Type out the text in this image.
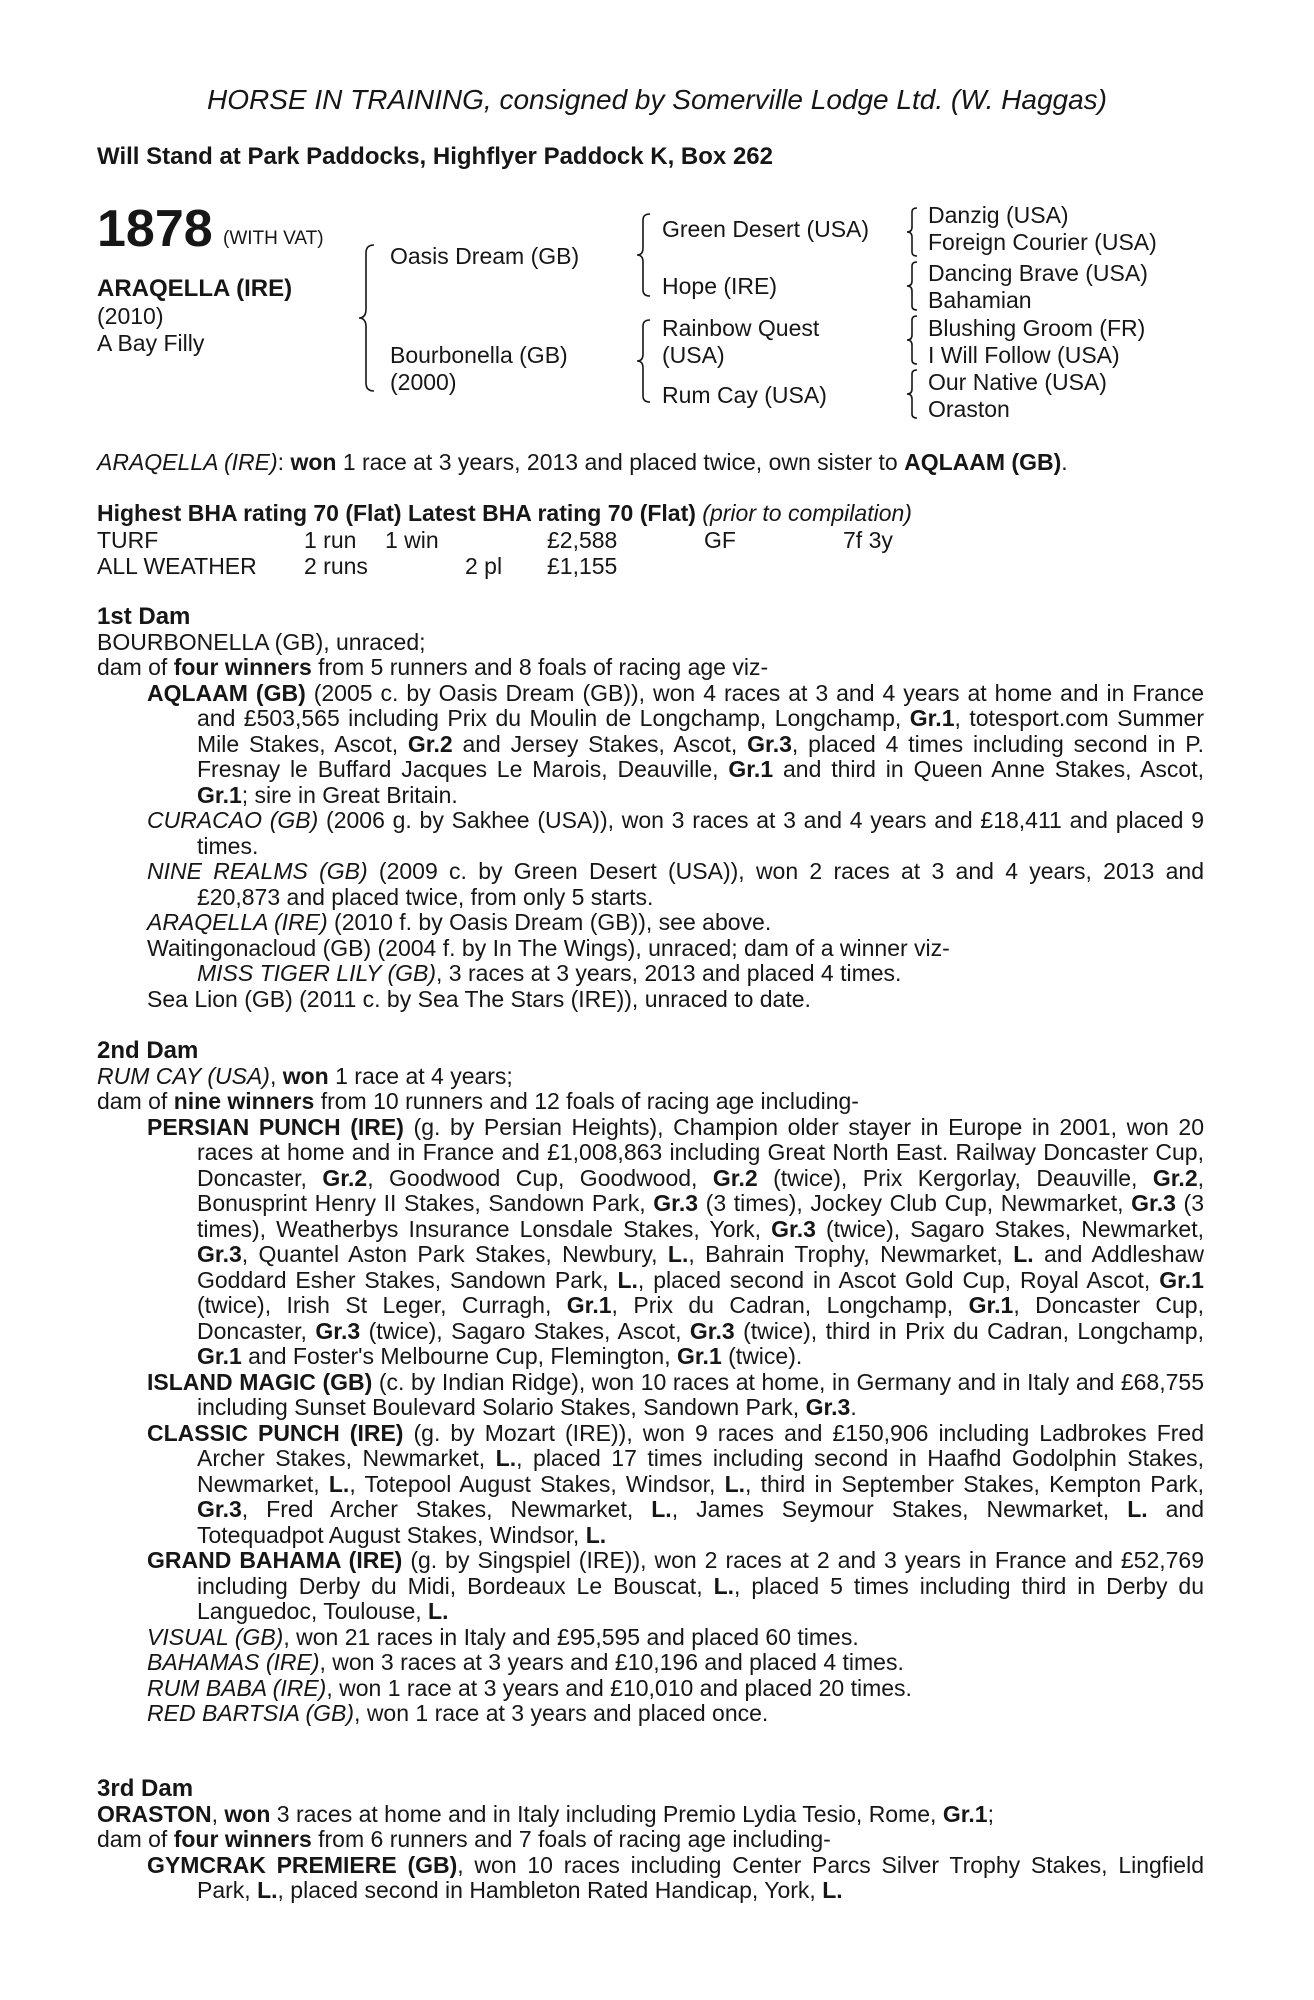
HORSE IN TRAINING, consigned by Somerville Lodge Ltd. (W. Haggas)
Will Stand at Park Paddocks, Highflyer Paddock K, Box 262
1878 (WITH VAT)
ARAQELLA (IRE)
(2010)
A Bay Filly
Oasis Dream (GB)
Bourbonella (GB)
(2000)
Green Desert (USA)
Hope (IRE)
Rainbow Quest
(USA)
Rum Cay (USA)
Danzig (USA)
Foreign Courier (USA)
Dancing Brave (USA)
Bahamian
Blushing Groom (FR)
I Will Follow (USA)
Our Native (USA)
Oraston
ARAQELLA (IRE): won 1 race at 3 years, 2013 and placed twice, own sister to AQLAAM (GB).
Highest BHA rating 70 (Flat) Latest BHA rating 70 (Flat) (prior to compilation)
TURF	1 run 1 win	£2,588	GF	7f 3y
ALL WEATHER 2 runs	2 pl £1,155

1st Dam

BOURBONELLA (GB), unraced;

dam of four winners from 5 runners and 8 foals of racing age viz-

AQLAAM (GB) (2005 c. by Oasis Dream (GB)), won 4 races at 3 and 4 years at home and in France and £503,565 including Prix du Moulin de Longchamp, Longchamp, Gr.1, totesport.com Summer Mile Stakes, Ascot, Gr.2 and Jersey Stakes, Ascot, Gr.3, placed 4 times including second in P. Fresnay le Buffard Jacques Le Marois, Deauville, Gr.1 and third in Queen Anne Stakes, Ascot, Gr.1; sire in Great Britain.

CURACAO (GB) (2006 g. by Sakhee (USA)), won 3 races at 3 and 4 years and £18,411 and placed 9 times.

NINE REALMS (GB) (2009 c. by Green Desert (USA)), won 2 races at 3 and 4 years, 2013 and £20,873 and placed twice, from only 5 starts.

ARAQELLA (IRE) (2010 f. by Oasis Dream (GB)), see above.

Waitingonacloud (GB) (2004 f. by In The Wings), unraced; dam of a winner viz-

MISS TIGER LILY (GB), 3 races at 3 years, 2013 and placed 4 times.

Sea Lion (GB) (2011 c. by Sea The Stars (IRE)), unraced to date.

2nd Dam

RUM CAY (USA), won 1 race at 4 years;

dam of nine winners from 10 runners and 12 foals of racing age including-

PERSIAN PUNCH (IRE) (g. by Persian Heights), Champion older stayer in Europe in 2001, won 20 races at home and in France and £1,008,863 including Great North East. Railway Doncaster Cup, Doncaster, Gr.2, Goodwood Cup, Goodwood, Gr.2 (twice), Prix Kergorlay, Deauville, Gr.2, Bonusprint Henry II Stakes, Sandown Park, Gr.3 (3 times), Jockey Club Cup, Newmarket, Gr.3 (3 times), Weatherbys Insurance Lonsdale Stakes, York, Gr.3 (twice), Sagaro Stakes, Newmarket, Gr.3, Quantel Aston Park Stakes, Newbury, L., Bahrain Trophy, Newmarket, L. and Addleshaw Goddard Esher Stakes, Sandown Park, L., placed second in Ascot Gold Cup, Royal Ascot, Gr.1 (twice), Irish St Leger, Curragh, Gr.1, Prix du Cadran, Longchamp, Gr.1, Doncaster Cup, Doncaster, Gr.3 (twice), Sagaro Stakes, Ascot, Gr.3 (twice), third in Prix du Cadran, Longchamp, Gr.1 and Foster's Melbourne Cup, Flemington, Gr.1 (twice).

ISLAND MAGIC (GB) (c. by Indian Ridge), won 10 races at home, in Germany and in Italy and £68,755 including Sunset Boulevard Solario Stakes, Sandown Park, Gr.3.

CLASSIC PUNCH (IRE) (g. by Mozart (IRE)), won 9 races and £150,906 including Ladbrokes Fred Archer Stakes, Newmarket, L., placed 17 times including second in Haafhd Godolphin Stakes, Newmarket, L., Totepool August Stakes, Windsor, L., third in September Stakes, Kempton Park, Gr.3, Fred Archer Stakes, Newmarket, L., James Seymour Stakes, Newmarket, L. and Totequadpot August Stakes, Windsor, L.

GRAND BAHAMA (IRE) (g. by Singspiel (IRE)), won 2 races at 2 and 3 years in France and £52,769 including Derby du Midi, Bordeaux Le Bouscat, L., placed 5 times including third in Derby du Languedoc, Toulouse, L.

VISUAL (GB), won 21 races in Italy and £95,595 and placed 60 times.

BAHAMAS (IRE), won 3 races at 3 years and £10,196 and placed 4 times.

RUM BABA (IRE), won 1 race at 3 years and £10,010 and placed 20 times.

RED BARTSIA (GB), won 1 race at 3 years and placed once.

3rd Dam

ORASTON, won 3 races at home and in Italy including Premio Lydia Tesio, Rome, Gr.1;

dam of four winners from 6 runners and 7 foals of racing age including-

GYMCRAK PREMIERE (GB), won 10 races including Center Parcs Silver Trophy Stakes, Lingfield Park, L., placed second in Hambleton Rated Handicap, York, L.
